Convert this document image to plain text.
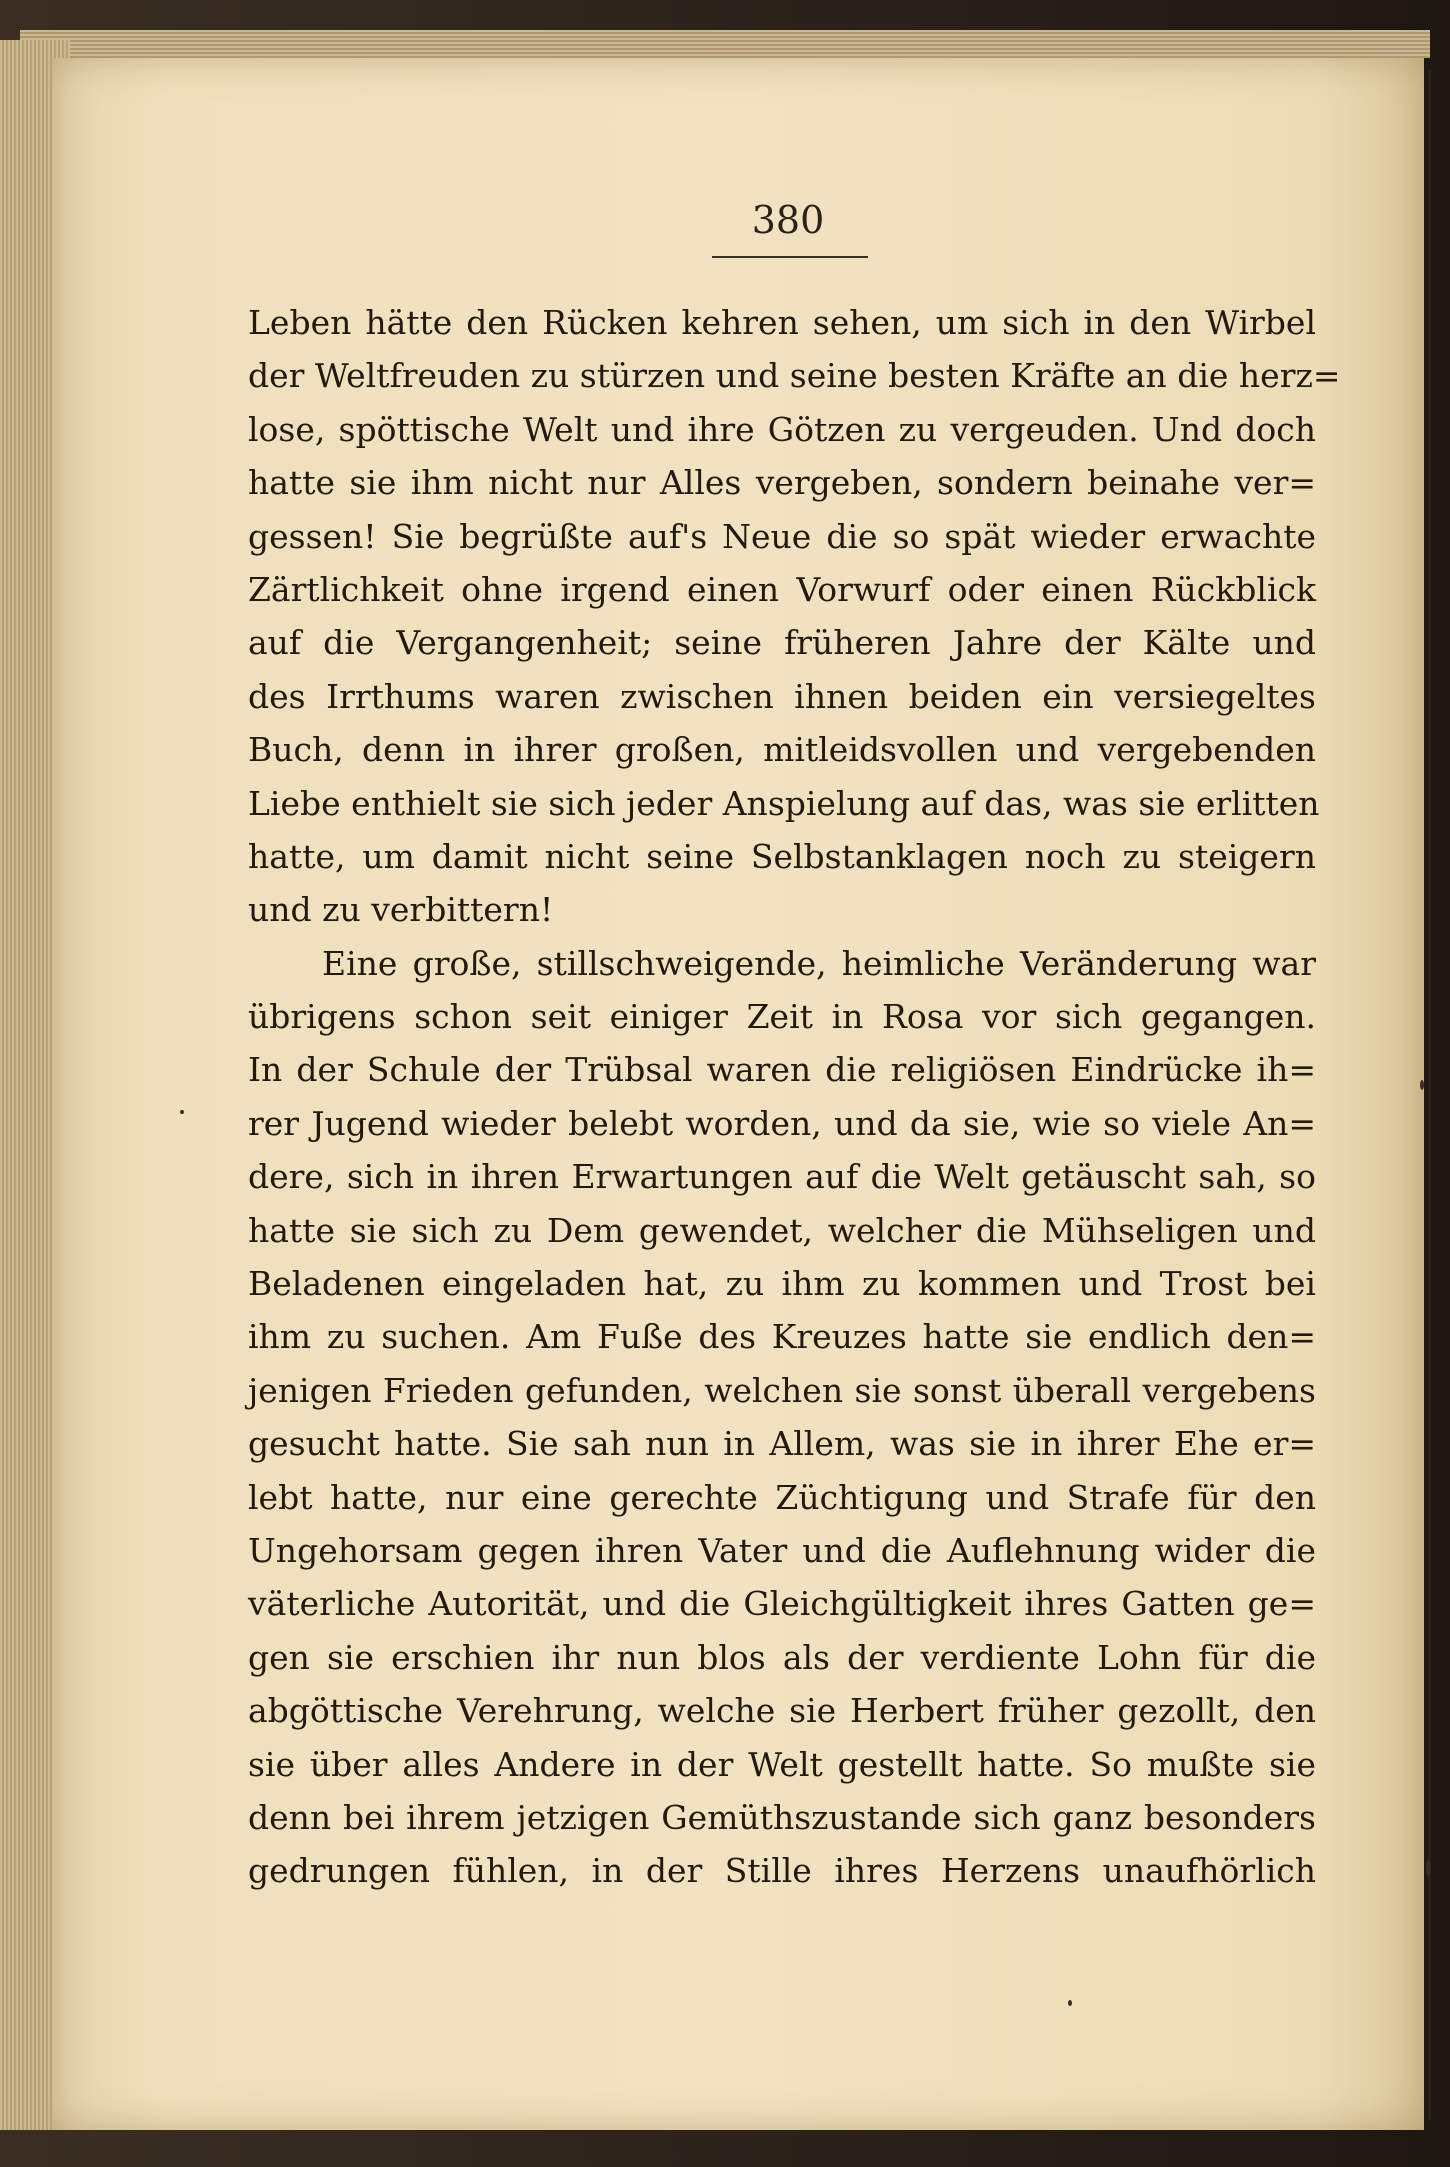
380
Leben hätte den Rücken kehren sehen, um sich in den Wirbel
der Weltfreuden zu stürzen und seine besten Kräfte an die herz=
lose, spöttische Welt und ihre Götzen zu vergeuden. Und doch
hatte sie ihm nicht nur Alles vergeben, sondern beinahe ver=
gessen! Sie begrüßte auf's Neue die so spät wieder erwachte
Zärtlichkeit ohne irgend einen Vorwurf oder einen Rückblick
auf die Vergangenheit; seine früheren Jahre der Kälte und
des Irrthums waren zwischen ihnen beiden ein versiegeltes
Buch, denn in ihrer großen, mitleidsvollen und vergebenden
Liebe enthielt sie sich jeder Anspielung auf das, was sie erlitten
hatte, um damit nicht seine Selbstanklagen noch zu steigern
und zu verbittern!
Eine große, stillschweigende, heimliche Veränderung war
übrigens schon seit einiger Zeit in Rosa vor sich gegangen.
In der Schule der Trübsal waren die religiösen Eindrücke ih=
rer Jugend wieder belebt worden, und da sie, wie so viele An=
dere, sich in ihren Erwartungen auf die Welt getäuscht sah, so
hatte sie sich zu Dem gewendet, welcher die Mühseligen und
Beladenen eingeladen hat, zu ihm zu kommen und Trost bei
ihm zu suchen. Am Fuße des Kreuzes hatte sie endlich den=
jenigen Frieden gefunden, welchen sie sonst überall vergebens
gesucht hatte. Sie sah nun in Allem, was sie in ihrer Ehe er=
lebt hatte, nur eine gerechte Züchtigung und Strafe für den
Ungehorsam gegen ihren Vater und die Auflehnung wider die
väterliche Autorität, und die Gleichgültigkeit ihres Gatten ge=
gen sie erschien ihr nun blos als der verdiente Lohn für die
abgöttische Verehrung, welche sie Herbert früher gezollt, den
sie über alles Andere in der Welt gestellt hatte. So mußte sie
denn bei ihrem jetzigen Gemüthszustande sich ganz besonders
gedrungen fühlen, in der Stille ihres Herzens unaufhörlich
